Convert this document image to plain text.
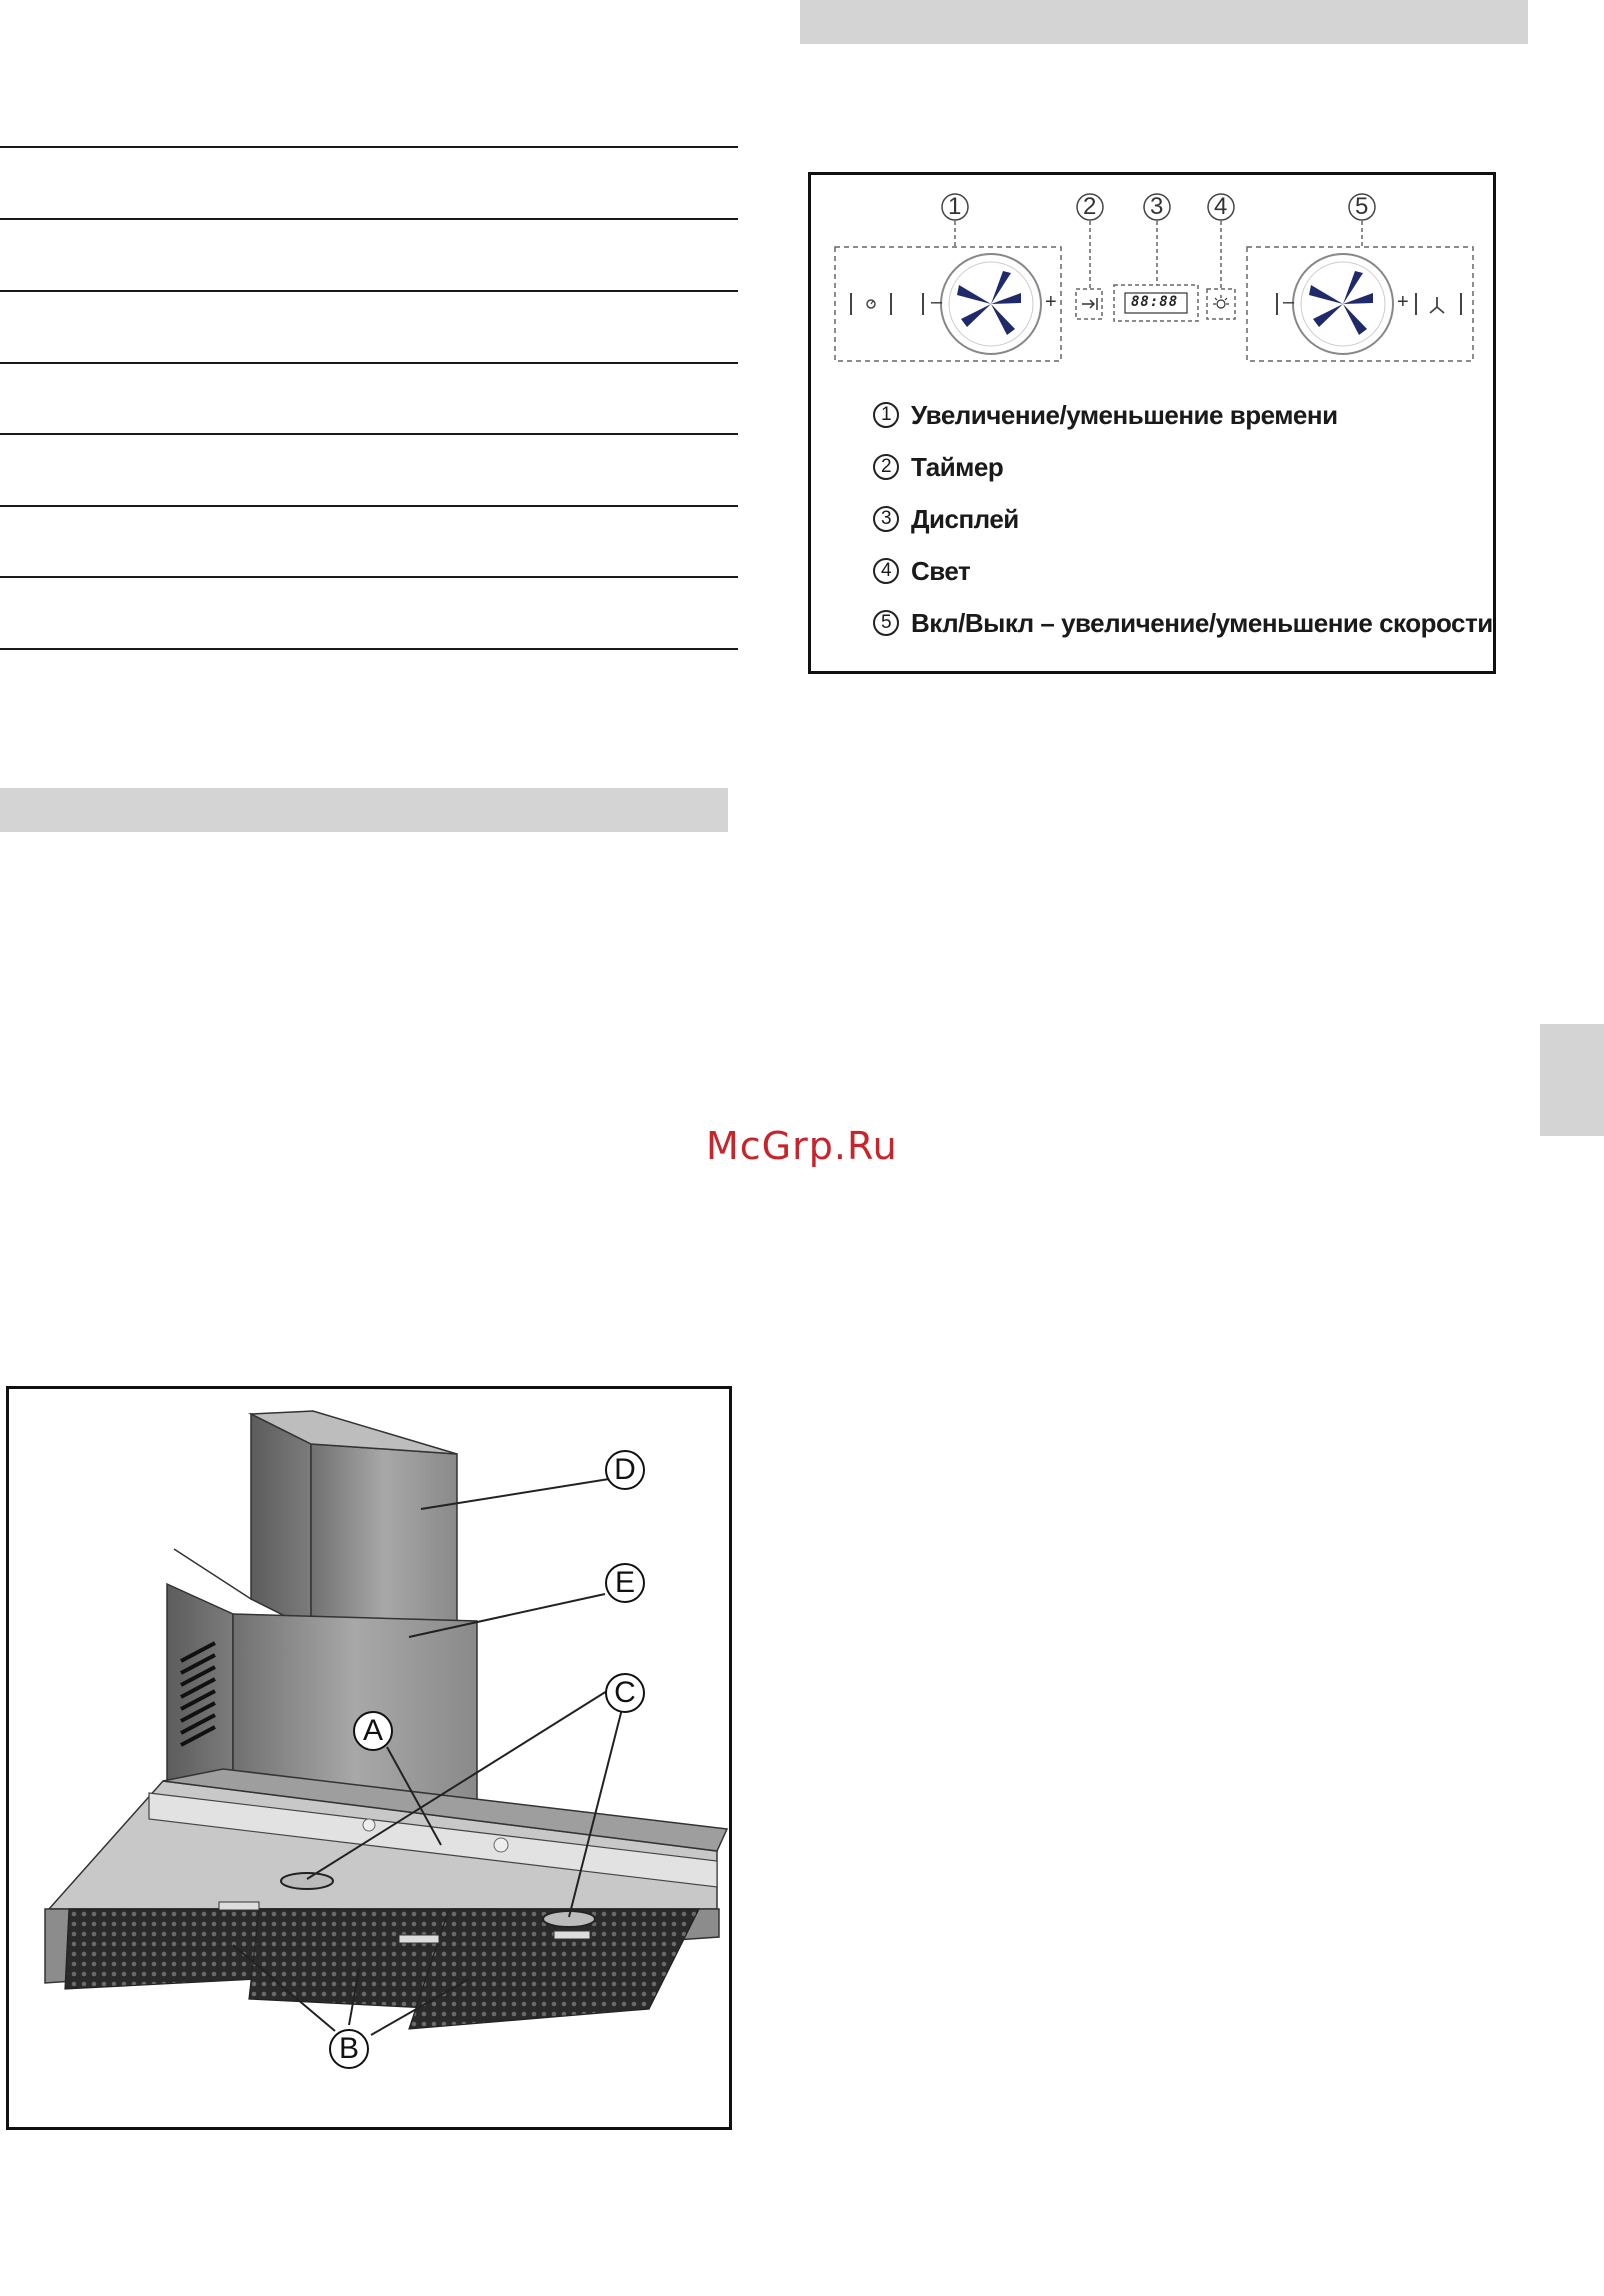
McGrp.Ru
1	2 3 4	5
88:88
–	+	–	+
1 Увеличение/уменьшение времени
2 Таймер
3 Дисплей
4 Свет
5 Вкл/Выкл – увеличение/уменьшение скорости
D
E
C
A
B
